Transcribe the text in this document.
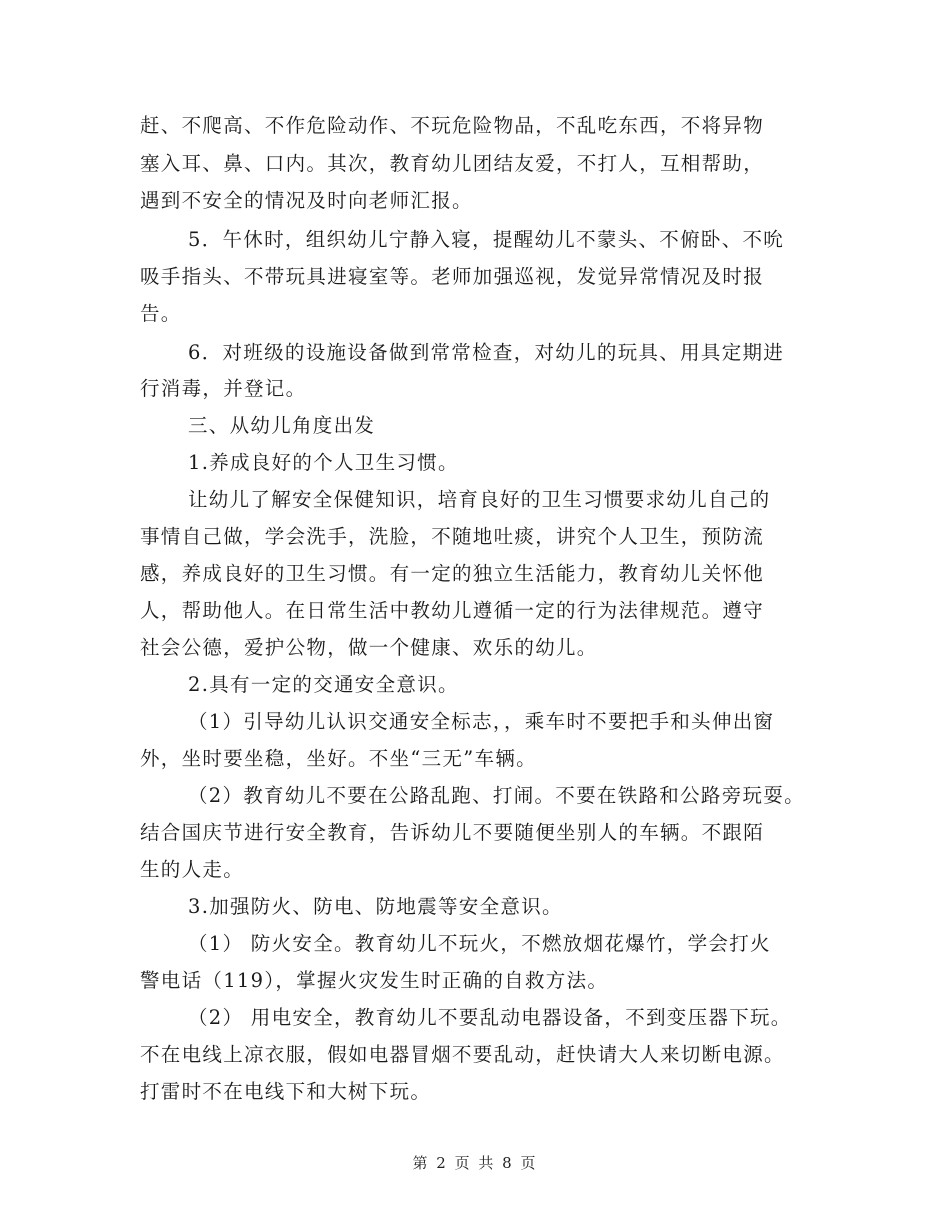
赶、不爬高、不作危险动作、不玩危险物品，不乱吃东西，不将异物
塞入耳、鼻、口内。其次，教育幼儿团结友爱，不打人，互相帮助，
遇到不安全的情况及时向老师汇报。
5．午休时，组织幼儿宁静入寝，提醒幼儿不蒙头、不俯卧、不吮
吸手指头、不带玩具进寝室等。老师加强巡视，发觉异常情况及时报
告。
6．对班级的设施设备做到常常检查，对幼儿的玩具、用具定期进
行消毒，并登记。
三、从幼儿角度出发
1.养成良好的个人卫生习惯。
让幼儿了解安全保健知识，培育良好的卫生习惯要求幼儿自己的
事情自己做，学会洗手，洗脸，不随地吐痰，讲究个人卫生，预防流
感，养成良好的卫生习惯。有一定的独立生活能力，教育幼儿关怀他
人，帮助他人。在日常生活中教幼儿遵循一定的行为法律规范。遵守
社会公德，爱护公物，做一个健康、欢乐的幼儿。
2.具有一定的交通安全意识。
（1）引导幼儿认识交通安全标志，，乘车时不要把手和头伸出窗
外，坐时要坐稳，坐好。不坐“三无”车辆。
（2）教育幼儿不要在公路乱跑、打闹。不要在铁路和公路旁玩耍。
结合国庆节进行安全教育，告诉幼儿不要随便坐别人的车辆。不跟陌
生的人走。
3.加强防火、防电、防地震等安全意识。
（1） 防火安全。教育幼儿不玩火，不燃放烟花爆竹，学会打火
警电话（119），掌握火灾发生时正确的自救方法。
（2） 用电安全，教育幼儿不要乱动电器设备，不到变压器下玩。
不在电线上凉衣服，假如电器冒烟不要乱动，赶快请大人来切断电源。
打雷时不在电线下和大树下玩。
第 2 页 共 8 页
